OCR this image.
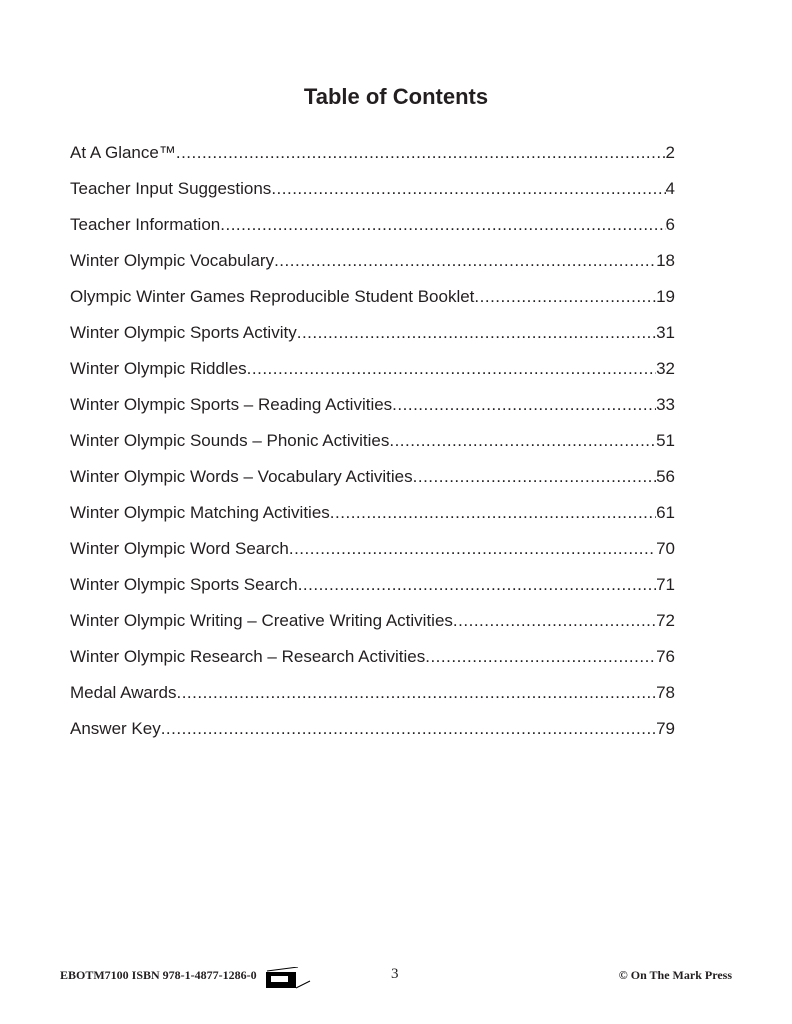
Table of Contents
At A Glance™ .....	2
Teacher Input Suggestions .....	4
Teacher Information .....	6
Winter Olympic Vocabulary .....	18
Olympic Winter Games Reproducible Student Booklet .....	19
Winter Olympic Sports Activity .....	31
Winter Olympic Riddles .....	32
Winter Olympic Sports – Reading Activities .....	33
Winter Olympic Sounds – Phonic Activities .....	51
Winter Olympic Words – Vocabulary Activities .....	56
Winter Olympic Matching Activities .....	61
Winter Olympic Word Search .....	70
Winter Olympic Sports Search .....	71
Winter Olympic Writing – Creative Writing Activities .....	72
Winter Olympic Research – Research Activities .....	76
Medal Awards .....	78
Answer Key .....	79
EBOTM7100 ISBN 978-1-4877-1286-0	3	© On The Mark Press
